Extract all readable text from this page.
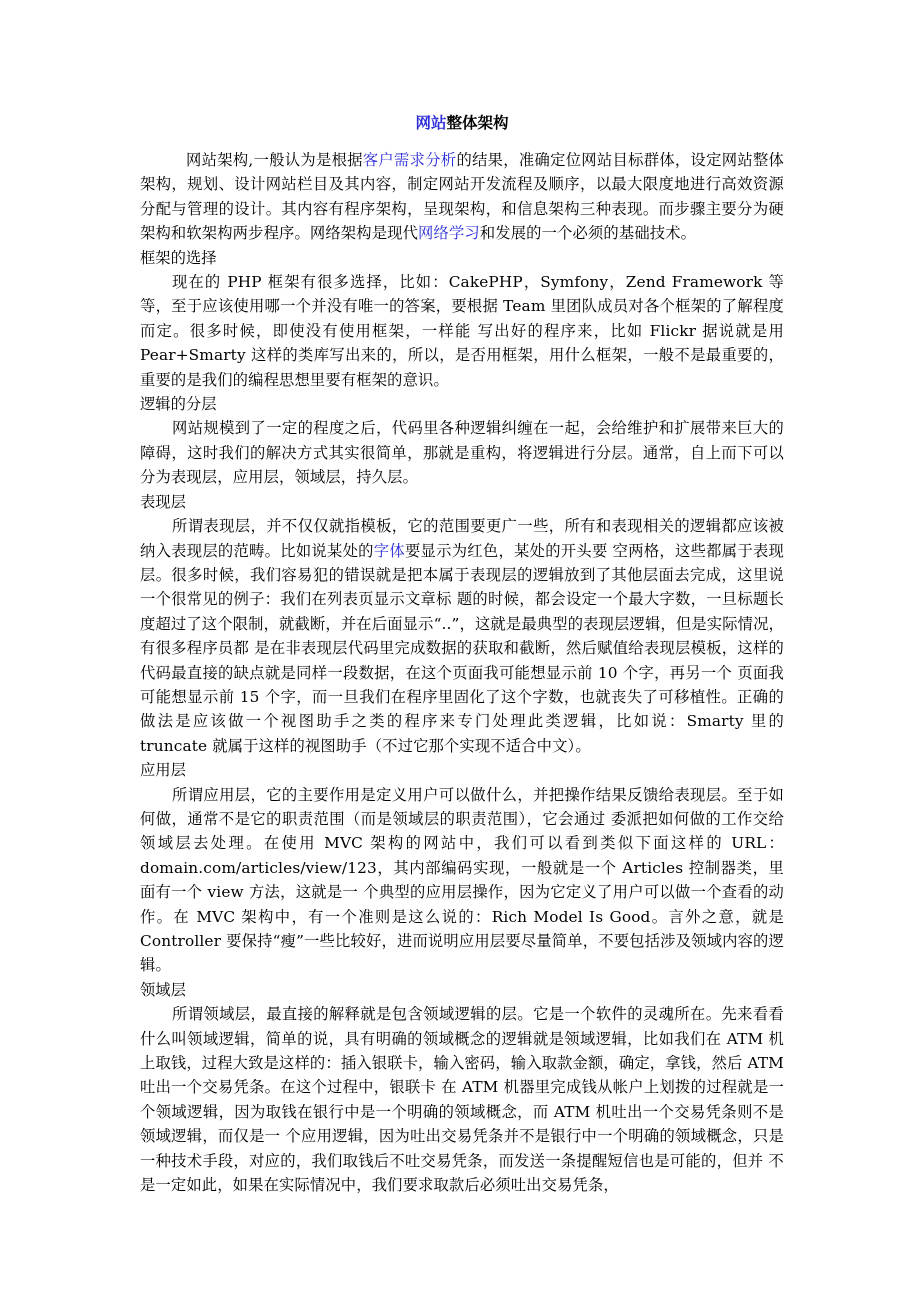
网站整体架构

网站架构,一般认为是根据客户需求分析的结果，准确定位网站目标群体，设定网站整体架构，规划、设计网站栏目及其内容，制定网站开发流程及顺序，以最大限度地进行高效资源分配与管理的设计。其内容有程序架构，呈现架构，和信息架构三种表现。而步骤主要分为硬架构和软架构两步程序。网络架构是现代网络学习和发展的一个必须的基础技术。

框架的选择

现在的 PHP 框架有很多选择，比如：CakePHP，Symfony，Zend Framework 等等，至于应该使用哪一个并没有唯一的答案，要根据 Team 里团队成员对各个框架的了解程度而定。很多时候，即使没有使用框架，一样能 写出好的程序来，比如 Flickr 据说就是用 Pear+Smarty 这样的类库写出来的，所以，是否用框架，用什么框架，一般不是最重要的，重要的是我们的编程思想里要有框架的意识。

逻辑的分层

网站规模到了一定的程度之后，代码里各种逻辑纠缠在一起，会给维护和扩展带来巨大的障碍，这时我们的解决方式其实很简单，那就是重构，将逻辑进行分层。通常，自上而下可以分为表现层，应用层，领域层，持久层。

表现层

所谓表现层，并不仅仅就指模板，它的范围要更广一些，所有和表现相关的逻辑都应该被纳入表现层的范畴。比如说某处的字体要显示为红色，某处的开头要 空两格，这些都属于表现层。很多时候，我们容易犯的错误就是把本属于表现层的逻辑放到了其他层面去完成，这里说一个很常见的例子：我们在列表页显示文章标 题的时候，都会设定一个最大字数，一旦标题长度超过了这个限制，就截断，并在后面显示“..”，这就是最典型的表现层逻辑，但是实际情况，有很多程序员都 是在非表现层代码里完成数据的获取和截断，然后赋值给表现层模板，这样的代码最直接的缺点就是同样一段数据，在这个页面我可能想显示前 10 个字，再另一个 页面我可能想显示前 15 个字，而一旦我们在程序里固化了这个字数，也就丧失了可移植性。正确的做法是应该做一个视图助手之类的程序来专门处理此类逻辑，比如说：Smarty 里的 truncate 就属于这样的视图助手（不过它那个实现不适合中文）。

应用层

所谓应用层，它的主要作用是定义用户可以做什么，并把操作结果反馈给表现层。至于如何做，通常不是它的职责范围（而是领域层的职责范围），它会通过 委派把如何做的工作交给领域层去处理。在使用 MVC 架构的网站中，我们可以看到类似下面这样的 URL：domain.com/articles/view/123，其内部编码实现，一般就是一个 Articles 控制器类，里面有一个 view 方法，这就是一 个典型的应用层操作，因为它定义了用户可以做一个查看的动作。在 MVC 架构中，有一个准则是这么说的：Rich Model Is Good。言外之意，就是 Controller 要保持“瘦”一些比较好，进而说明应用层要尽量简单，不要包括涉及领域内容的逻辑。

领域层

所谓领域层，最直接的解释就是包含领域逻辑的层。它是一个软件的灵魂所在。先来看看什么叫领域逻辑，简单的说，具有明确的领域概念的逻辑就是领域逻辑，比如我们在 ATM 机上取钱，过程大致是这样的：插入银联卡，输入密码，输入取款金额，确定，拿钱，然后 ATM 吐出一个交易凭条。在这个过程中，银联卡 在 ATM 机器里完成钱从帐户上划拨的过程就是一个领域逻辑，因为取钱在银行中是一个明确的领域概念，而 ATM 机吐出一个交易凭条则不是领域逻辑，而仅是一 个应用逻辑，因为吐出交易凭条并不是银行中一个明确的领域概念，只是一种技术手段，对应的，我们取钱后不吐交易凭条，而发送一条提醒短信也是可能的，但并 不是一定如此，如果在实际情况中，我们要求取款后必须吐出交易凭条，
